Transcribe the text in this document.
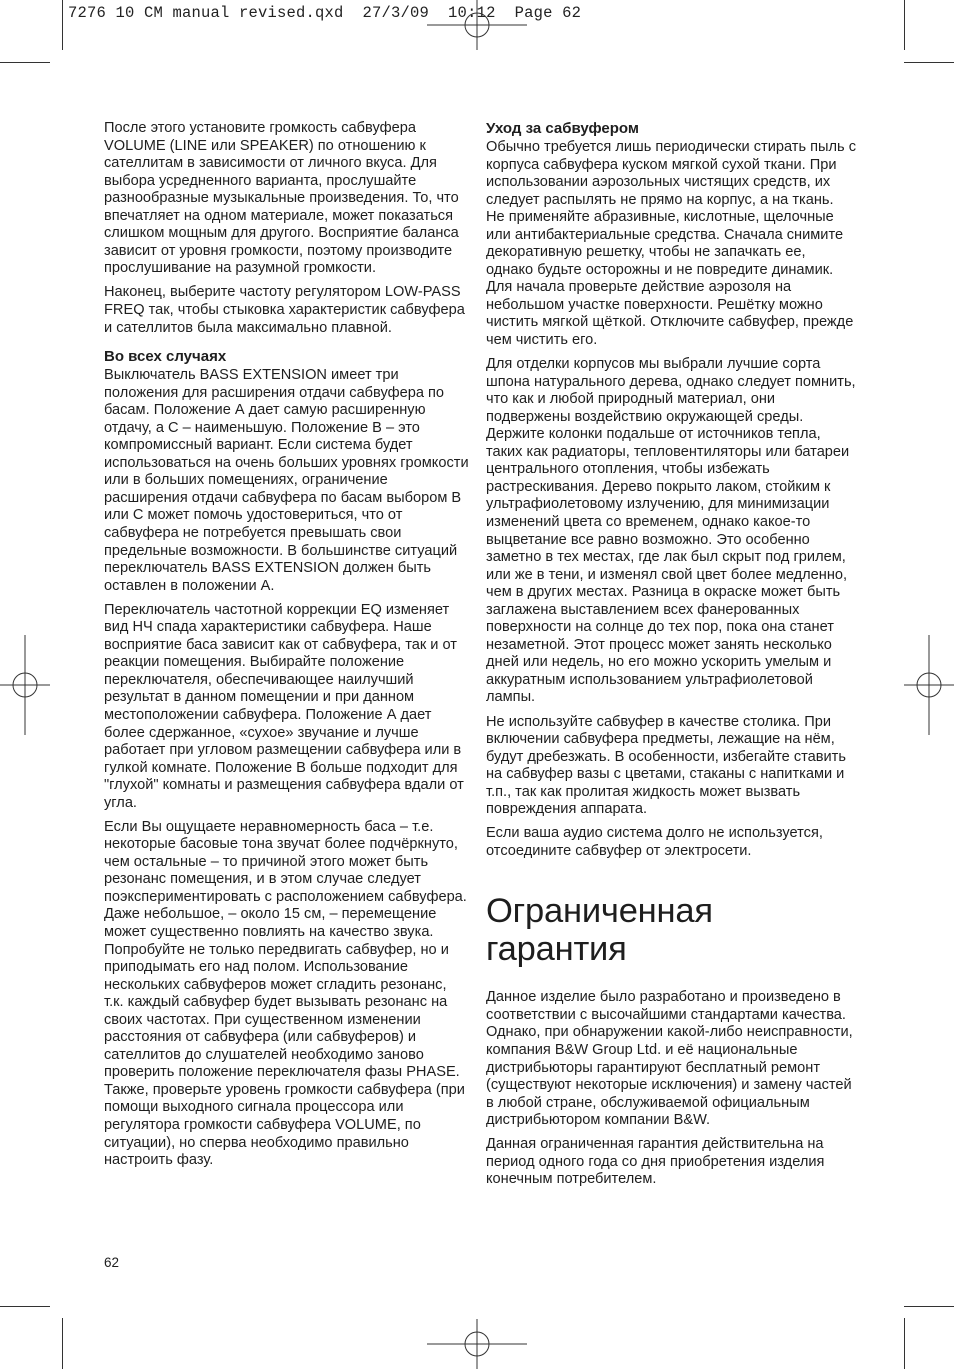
7276 10 CM manual revised.qxd  27/3/09  10:12  Page 62

После этого установите громкость сабвуфера VOLUME (LINE или SPEAKER) по отношению к сателлитам в зависимости от личного вкуса. Для выбора усредненного варианта, прослушайте разнообразные музыкальные произведения. То, что впечатляет на одном материале, может показаться слишком мощным для другого. Восприятие баланса зависит от уровня громкости, поэтому производите прослушивание на разумной громкости.

Наконец, выберите частоту регулятором LOW-PASS FREQ так, чтобы стыковка характеристик сабвуфера и сателлитов была максимально плавной.

Во всех случаях

Выключатель BASS EXTENSION имеет три положения для расширения отдачи сабвуфера по басам. Положение А дает самую расширенную отдачу, а С – наименьшую. Положение В – это компромиссный вариант. Если система будет использоваться на очень больших уровнях громкости или в больших помещениях, ограничение расширения отдачи сабвуфера по басам выбором В или С может помочь удостовериться, что от сабвуфера не потребуется превышать свои предельные возможности. В большинстве ситуаций переключатель BASS EXTENSION должен быть оставлен в положении А.

Переключатель частотной коррекции EQ изменяет вид НЧ спада характеристики сабвуфера. Наше восприятие баса зависит как от сабвуфера, так и от реакции помещения. Выбирайте положение переключателя, обеспечивающее наилучший результат в данном помещении и при данном местоположении сабвуфера. Положение А дает более сдержанное, «сухое» звучание и лучше работает при угловом размещении сабвуфера или в гулкой комнате. Положение В больше подходит для "глухой" комнаты и размещения сабвуфера вдали от угла.

Если Вы ощущаете неравномерность баса – т.е. некоторые басовые тона звучат более подчёркнуто, чем остальные – то причиной этого может быть резонанс помещения, и в этом случае следует поэкспериментировать с расположением сабвуфера. Даже небольшое, – около 15 см, – перемещение может существенно повлиять на качество звука. Попробуйте не только передвигать сабвуфер, но и приподымать его над полом. Использование нескольких сабвуферов может сгладить резонанс, т.к. каждый сабвуфер будет вызывать резонанс на своих частотах. При существенном изменении расстояния от сабвуфера (или сабвуферов) и сателлитов до слушателей необходимо заново проверить положение переключателя фазы PHASE. Также, проверьте уровень громкости сабвуфера (при помощи выходного сигнала процессора или регулятора громкости сабвуфера VOLUME, по ситуации), но сперва необходимо правильно настроить фазу.

Уход за сабвуфером

Обычно требуется лишь периодически стирать пыль с корпуса сабвуфера куском мягкой сухой ткани. При использовании аэрозольных чистящих средств, их следует распылять не прямо на корпус, а на ткань. Не применяйте абразивные, кислотные, щелочные или антибактериальные средства. Сначала снимите декоративную решетку, чтобы не запачкать ее, однако будьте осторожны и не повредите динамик. Для начала проверьте действие аэрозоля на небольшом участке поверхности. Решётку можно чистить мягкой щёткой. Отключите сабвуфер, прежде чем чистить его.

Для отделки корпусов мы выбрали лучшие сорта шпона натурального дерева, однако следует помнить, что как и любой природный материал, они подвержены воздействию окружающей среды. Держите колонки подальше от источников тепла, таких как радиаторы, тепловентиляторы или батареи центрального отопления, чтобы избежать растрескивания. Дерево покрыто лаком, стойким к ультрафиолетовому излучению, для минимизации изменений цвета со временем, однако какое-то выцветание все равно возможно. Это особенно заметно в тех местах, где лак был скрыт под грилем, или же в тени, и изменял свой цвет более медленно, чем в других местах. Разница в окраске может быть заглажена выставлением всех фанерованных поверхности на солнце до тех пор, пока она станет незаметной. Этот процесс может занять несколько дней или недель, но его можно ускорить умелым и аккуратным использованием ультрафиолетовой лампы.

Не используйте сабвуфер в качестве столика. При включении сабвуфера предметы, лежащие на нём, будут дребезжать. В особенности, избегайте ставить на сабвуфер вазы с цветами, стаканы с напитками и т.п., так как пролитая жидкость может вызвать повреждения аппарата.

Если ваша аудио система долго не используется, отсоедините сабвуфер от электросети.

Ограниченная гарантия

Данное изделие было разработано и произведено в соответствии с высочайшими стандартами качества. Однако, при обнаружении какой-либо неисправности, компания B&W Group Ltd. и её национальные дистрибьюторы гарантируют бесплатный ремонт (существуют некоторые исключения) и замену частей в любой стране, обслуживаемой официальным дистрибьютором компании B&W.

Данная ограниченная гарантия действительна на период одного года со дня приобретения изделия конечным потребителем.

62
